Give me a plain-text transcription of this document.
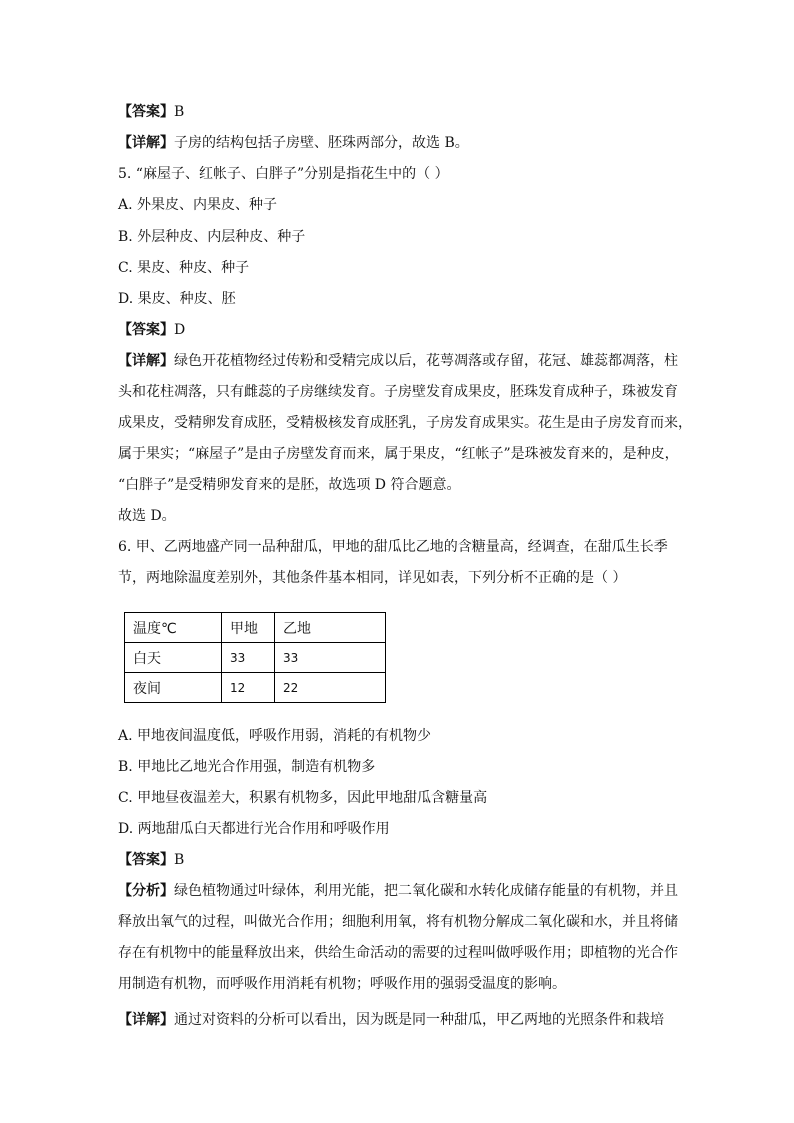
【答案】B
【详解】子房的结构包括子房壁、胚珠两部分，故选 B。
5. “麻屋子、红帐子、白胖子”分别是指花生中的（ ）
A. 外果皮、内果皮、种子
B. 外层种皮、内层种皮、种子
C. 果皮、种皮、种子
D. 果皮、种皮、胚
【答案】D
【详解】绿色开花植物经过传粉和受精完成以后，花萼凋落或存留，花冠、雄蕊都凋落，柱
头和花柱凋落，只有雌蕊的子房继续发育。子房壁发育成果皮，胚珠发育成种子，珠被发育
成果皮，受精卵发育成胚，受精极核发育成胚乳，子房发育成果实。花生是由子房发育而来，
属于果实；“麻屋子”是由子房壁发育而来，属于果皮，“红帐子”是珠被发育来的，是种皮，
“白胖子”是受精卵发育来的是胚，故选项 D 符合题意。
故选 D。
6. 甲、乙两地盛产同一品种甜瓜，甲地的甜瓜比乙地的含糖量高，经调查，在甜瓜生长季
节，两地除温度差别外，其他条件基本相同，详见如表，下列分析不正确的是（ ）
温度℃	甲地	乙地
白天	33	33
夜间	12	22
A. 甲地夜间温度低，呼吸作用弱，消耗的有机物少
B. 甲地比乙地光合作用强，制造有机物多
C. 甲地昼夜温差大，积累有机物多，因此甲地甜瓜含糖量高
D. 两地甜瓜白天都进行光合作用和呼吸作用
【答案】B
【分析】绿色植物通过叶绿体，利用光能，把二氧化碳和水转化成储存能量的有机物，并且
释放出氧气的过程，叫做光合作用；细胞利用氧，将有机物分解成二氧化碳和水，并且将储
存在有机物中的能量释放出来，供给生命活动的需要的过程叫做呼吸作用；即植物的光合作
用制造有机物，而呼吸作用消耗有机物；呼吸作用的强弱受温度的影响。
【详解】通过对资料的分析可以看出，因为既是同一种甜瓜，甲乙两地的光照条件和栽培
